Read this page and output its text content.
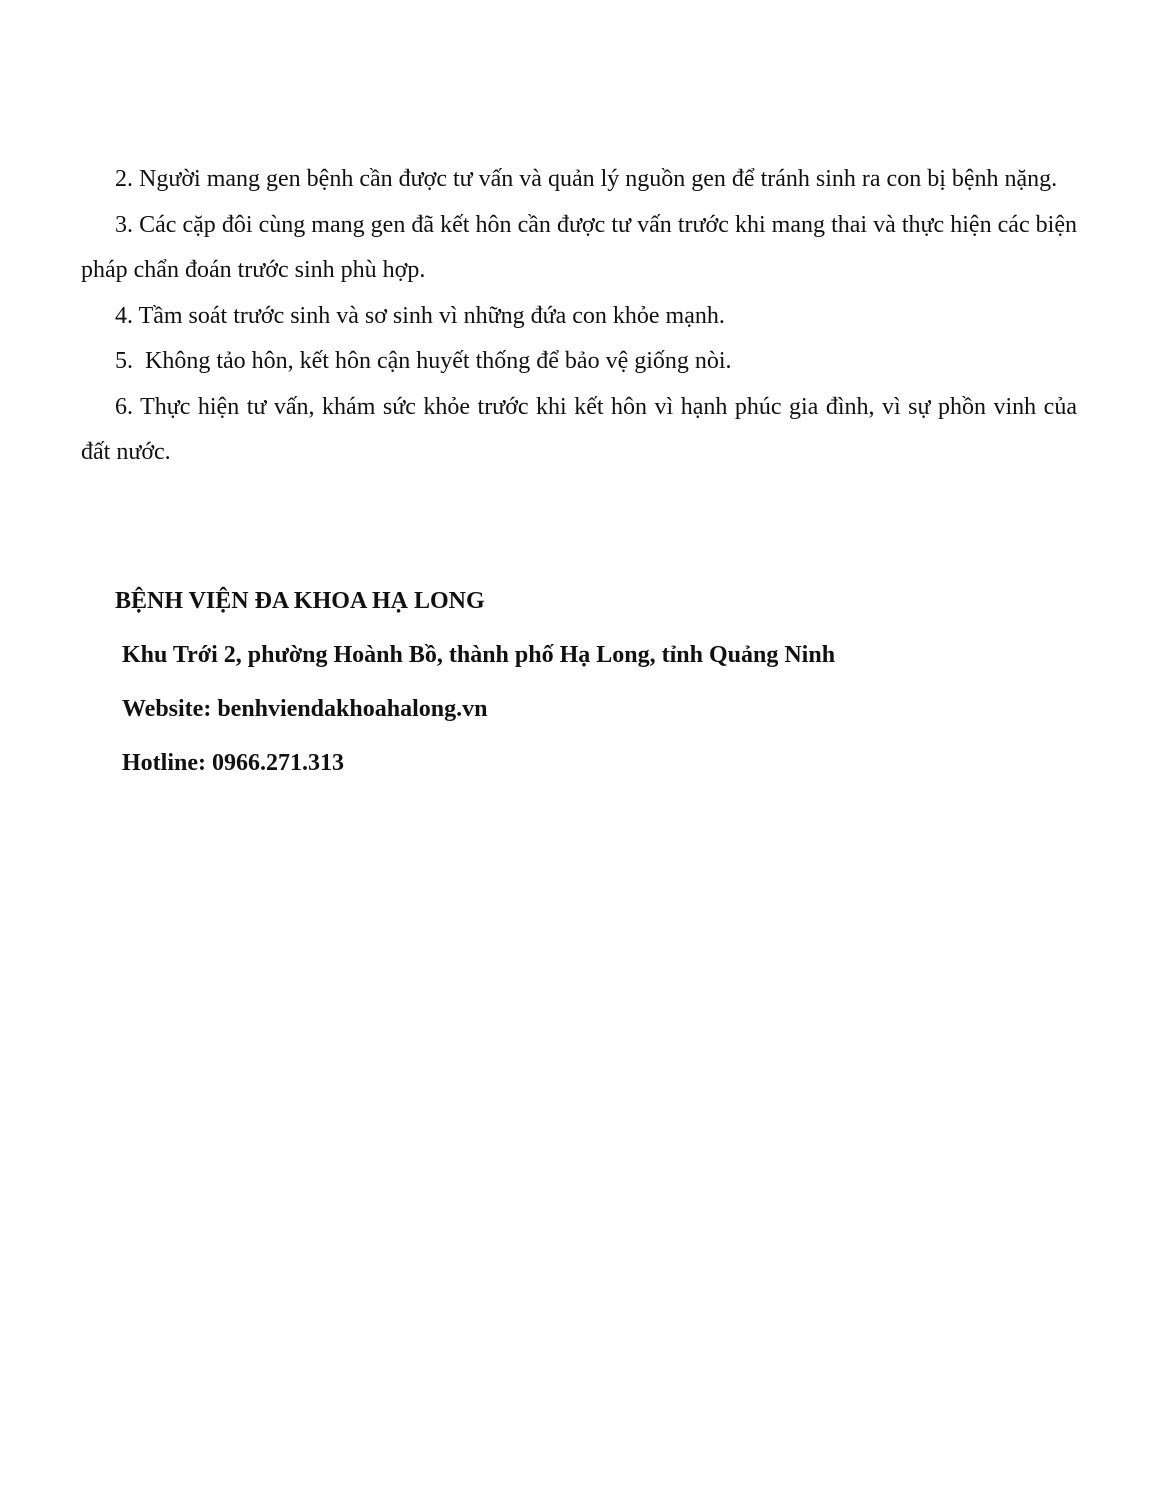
2. Người mang gen bệnh cần được tư vấn và quản lý nguồn gen để tránh sinh ra con bị bệnh nặng.

3. Các cặp đôi cùng mang gen đã kết hôn cần được tư vấn trước khi mang thai và thực hiện các biện pháp chẩn đoán trước sinh phù hợp.

4. Tầm soát trước sinh và sơ sinh vì những đứa con khỏe mạnh.

5.  Không tảo hôn, kết hôn cận huyết thống để bảo vệ giống nòi.

6. Thực hiện tư vấn, khám sức khỏe trước khi kết hôn vì hạnh phúc gia đình, vì sự phồn vinh của đất nước.

BỆNH VIỆN ĐA KHOA HẠ LONG

Khu Trới 2, phường Hoành Bồ, thành phố Hạ Long, tỉnh Quảng Ninh

Website: benhviendakhoahalong.vn

Hotline: 0966.271.313
